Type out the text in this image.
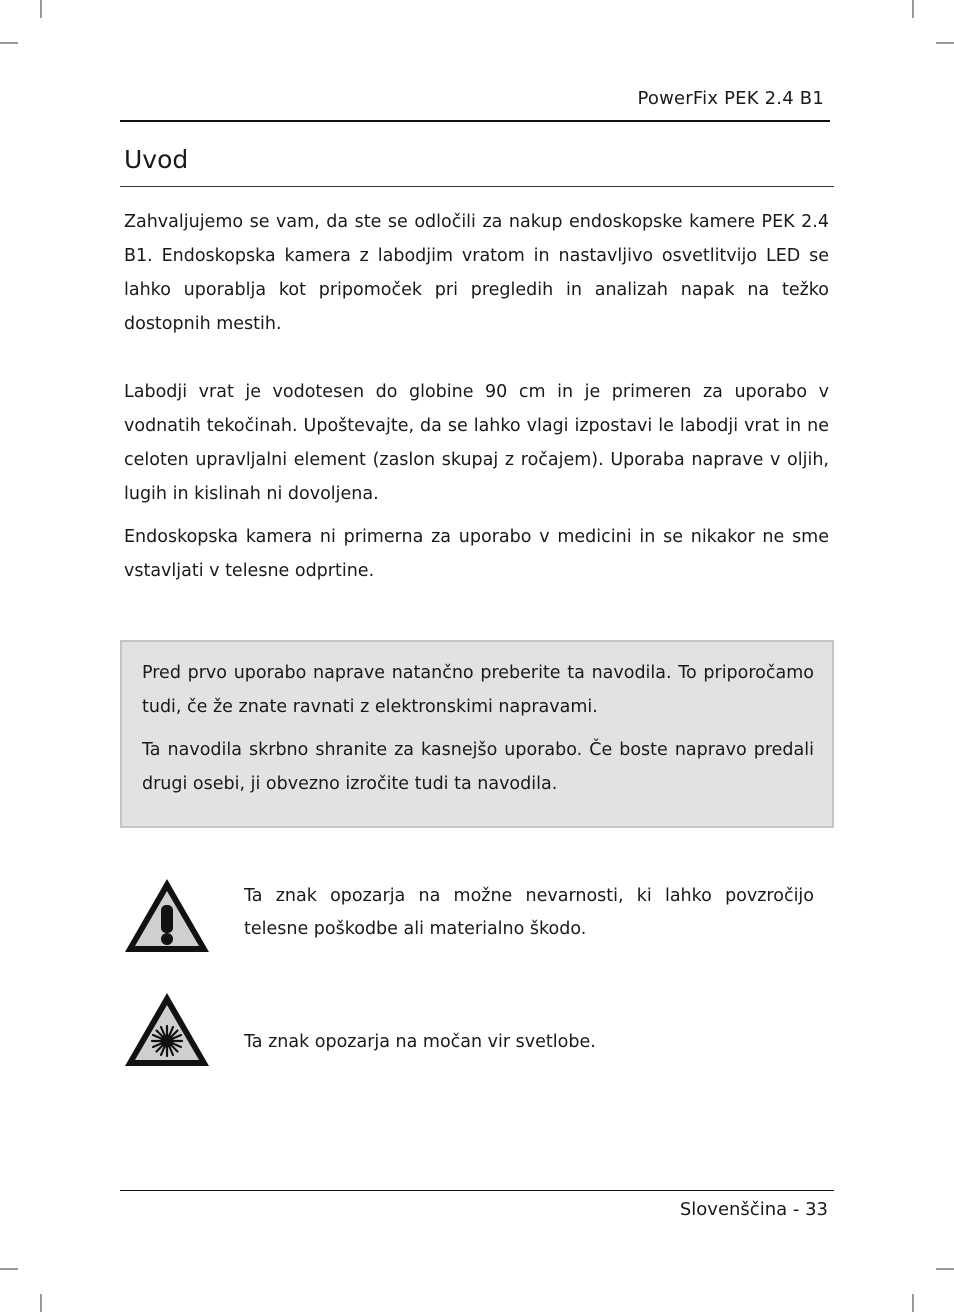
PowerFix PEK 2.4 B1
Uvod

Zahvaljujemo se vam, da ste se odločili za nakup endoskopske kamere PEK 2.4 B1. Endoskopska kamera z labodjim vratom in nastavljivo osvetlitvijo LED se lahko uporablja kot pripomoček pri pregledih in analizah napak na težko dostopnih mestih.

Labodji vrat je vodotesen do globine 90 cm in je primeren za uporabo v vodnatih tekočinah. Upoštevajte, da se lahko vlagi izpostavi le labodji vrat in ne celoten upravljalni element (zaslon skupaj z ročajem). Uporaba naprave v oljih, lugih in kislinah ni dovoljena.

Endoskopska kamera ni primerna za uporabo v medicini in se nikakor ne sme vstavljati v telesne odprtine.

Pred prvo uporabo naprave natančno preberite ta navodila. To priporočamo tudi, če že znate ravnati z elektronskimi napravami.

Ta navodila skrbno shranite za kasnejšo uporabo. Če boste napravo predali drugi osebi, ji obvezno izročite tudi ta navodila.

Ta znak opozarja na možne nevarnosti, ki lahko povzročijo telesne poškodbe ali materialno škodo.

Ta znak opozarja na močan vir svetlobe.

Slovenščina - 33
